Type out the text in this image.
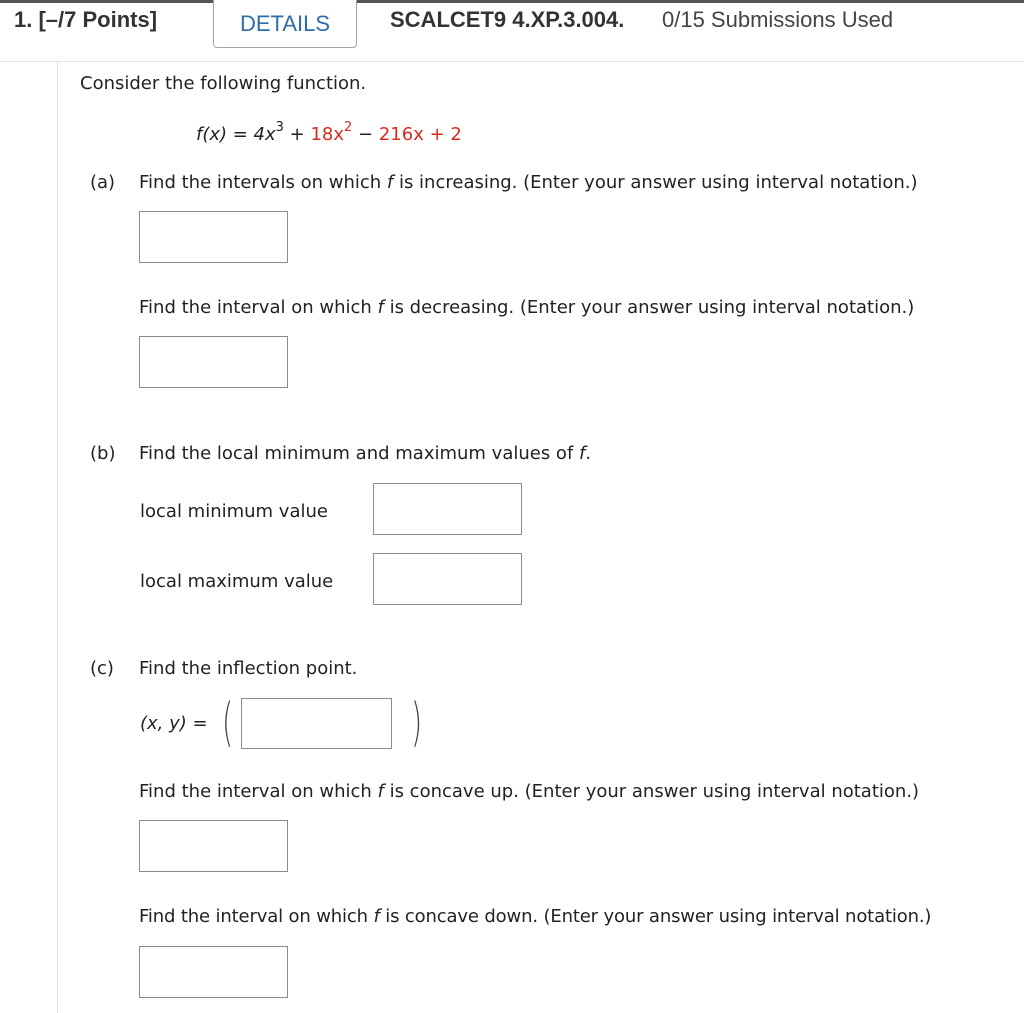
1. [–/7 Points]	DETAILS	SCALCET9 4.XP.3.004. 0/15 Submissions Used
Consider the following function.
$f(x) = 4x^3 + 18x^2 - 216x + 2$
(a) Find the intervals on which f is increasing. (Enter your answer using interval notation.)
Find the interval on which f is decreasing. (Enter your answer using interval notation.)
(b) Find the local minimum and maximum values of f.
local minimum value
local maximum value
(c) Find the inflection point.
(x, y) = (	)
Find the interval on which f is concave up. (Enter your answer using interval notation.)
Find the interval on which f is concave down. (Enter your answer using interval notation.)
